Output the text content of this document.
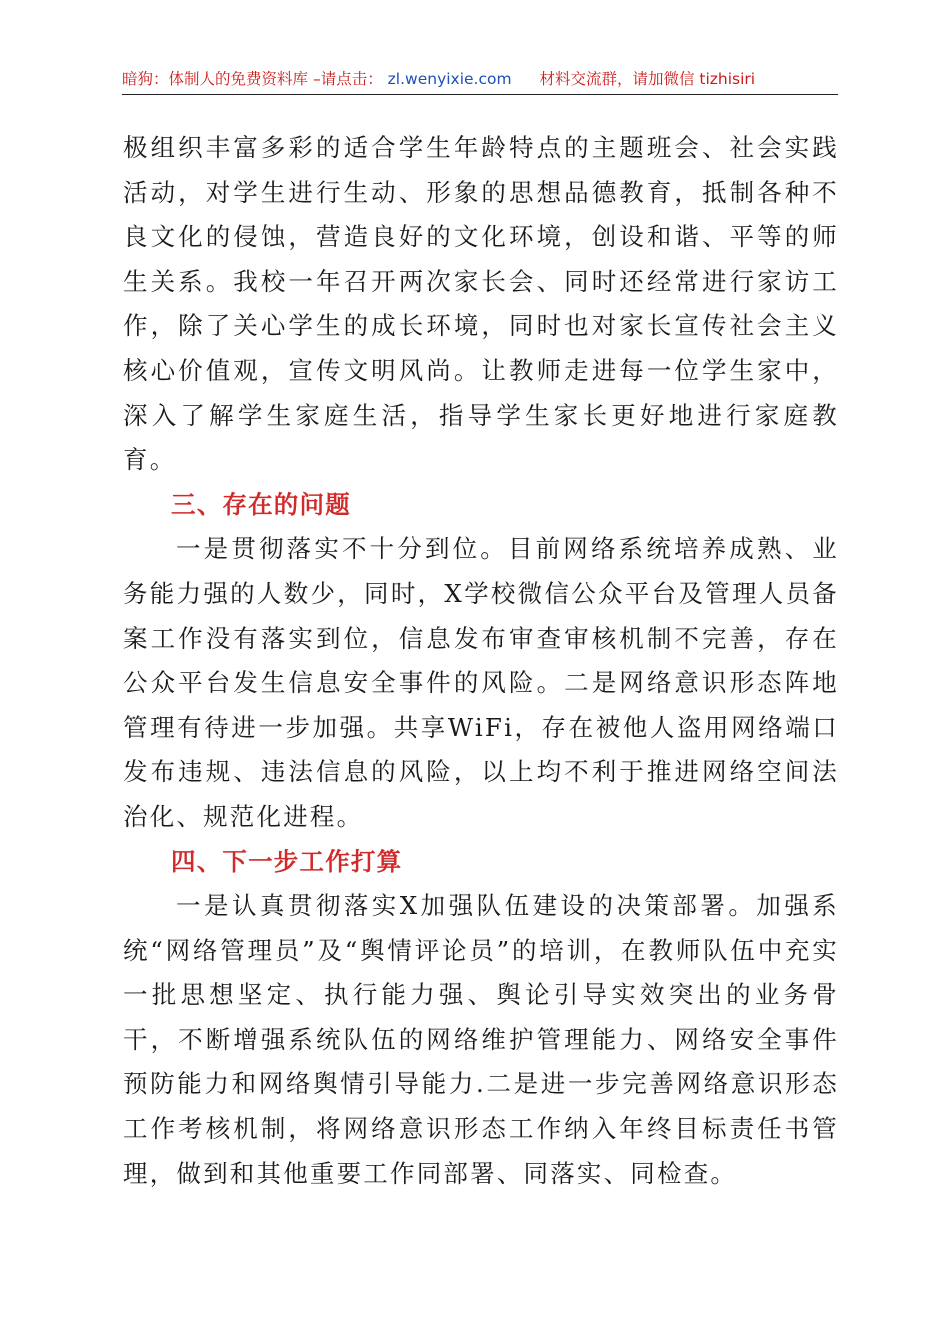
暗狗：体制人的免费资料库 –请点击： zl.wenyixie.com 材料交流群，请加微信 tizhisiri

极组织丰富多彩的适合学生年龄特点的主题班会、社会实践活动，对学生进行生动、形象的思想品德教育，抵制各种不良文化的侵蚀，营造良好的文化环境，创设和谐、平等的师生关系。我校一年召开两次家长会、同时还经常进行家访工作，除了关心学生的成长环境，同时也对家长宣传社会主义核心价值观，宣传文明风尚。让教师走进每一位学生家中，深入了解学生家庭生活，指导学生家长更好地进行家庭教育。

三、存在的问题

一是贯彻落实不十分到位。目前网络系统培养成熟、业务能力强的人数少，同时，X学校微信公众平台及管理人员备案工作没有落实到位，信息发布审查审核机制不完善，存在公众平台发生信息安全事件的风险。二是网络意识形态阵地管理有待进一步加强。共享WiFi，存在被他人盗用网络端口发布违规、违法信息的风险，以上均不利于推进网络空间法治化、规范化进程。

四、下一步工作打算

一是认真贯彻落实X加强队伍建设的决策部署。加强系统“网络管理员”及“舆情评论员”的培训，在教师队伍中充实一批思想坚定、执行能力强、舆论引导实效突出的业务骨干，不断增强系统队伍的网络维护管理能力、网络安全事件预防能力和网络舆情引导能力.二是进一步完善网络意识形态工作考核机制，将网络意识形态工作纳入年终目标责任书管理，做到和其他重要工作同部署、同落实、同检查。
